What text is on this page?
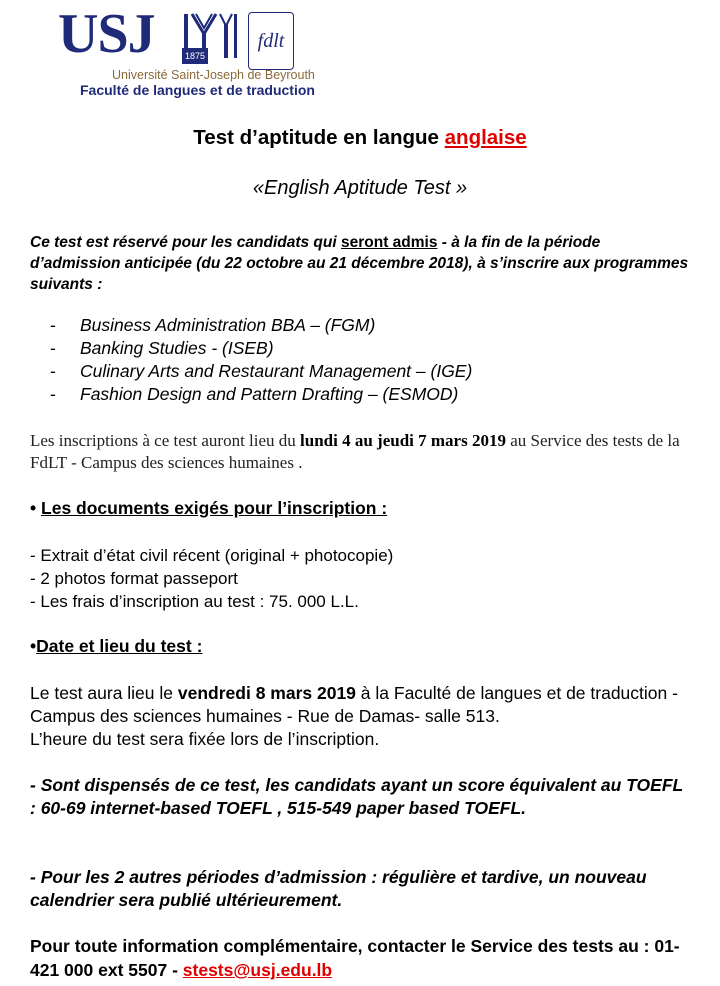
USJ	1875
fdlt
Université Saint-Joseph de Beyrouth
Faculté de langues et de traduction
Test d’aptitude en langue anglaise
«English Aptitude Test »
Ce test est réservé pour les candidats qui seront admis - à la fin de la période d’admission anticipée (du 22 octobre au 21 décembre 2018), à s’inscrire aux programmes suivants :
- Business Administration BBA – (FGM)
- Banking Studies - (ISEB)
- Culinary Arts and Restaurant Management – (IGE)
- Fashion Design and Pattern Drafting – (ESMOD)
Les inscriptions à ce test auront lieu du lundi 4 au jeudi 7 mars 2019 au Service des tests de la FdLT - Campus des sciences humaines .
• Les documents exigés pour l’inscription :
- Extrait d’état civil récent (original + photocopie)
- 2 photos format passeport
- Les frais d’inscription au test : 75. 000 L.L.
•Date et lieu du test :
Le test aura lieu le vendredi 8 mars 2019 à la Faculté de langues et de traduction - Campus des sciences humaines - Rue de Damas- salle 513.
L’heure du test sera fixée lors de l’inscription.
- Sont dispensés de ce test, les candidats ayant un score équivalent au TOEFL : 60-69 internet-based TOEFL , 515-549 paper based TOEFL.
- Pour les 2 autres périodes d’admission : régulière et tardive, un nouveau calendrier sera publié ultérieurement.
Pour toute information complémentaire, contacter le Service des tests au : 01- 421 000 ext 5507 - stests@usj.edu.lb
